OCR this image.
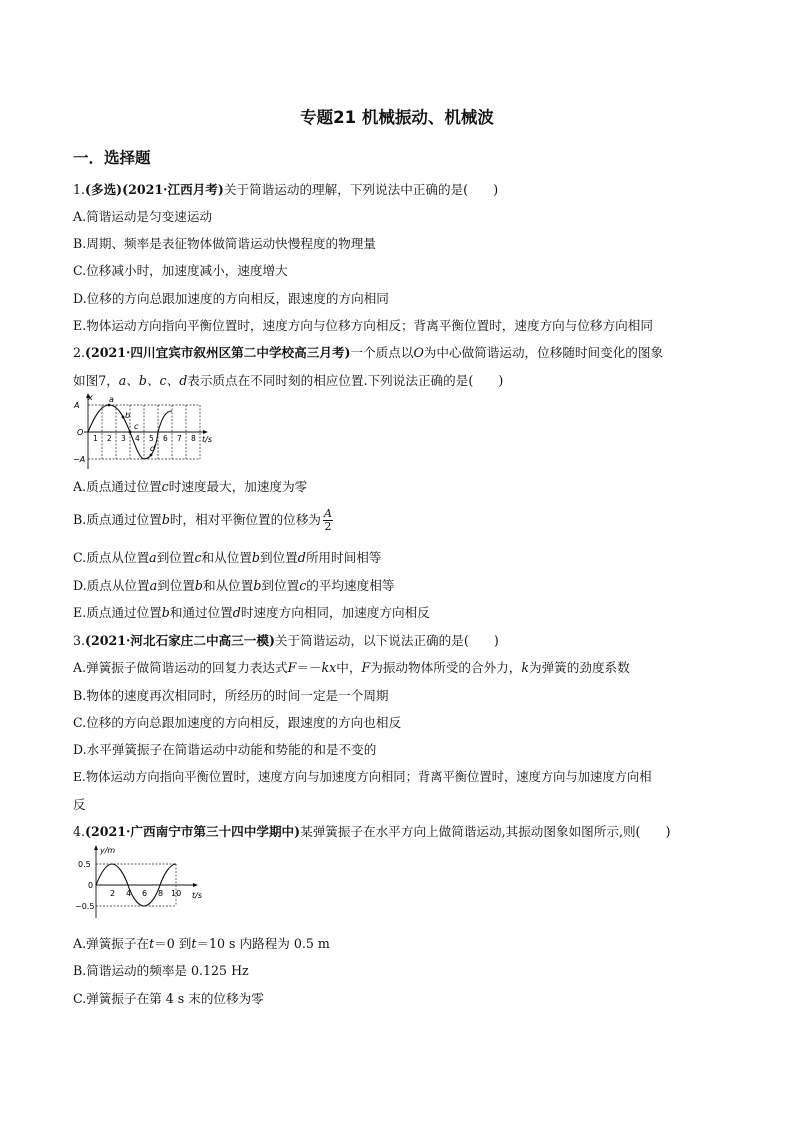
专题21 机械振动、机械波
一．选择题
1.(多选)(2021·江西月考)关于简谐运动的理解，下列说法中正确的是(　　)
A.简谐运动是匀变速运动
B.周期、频率是表征物体做简谐运动快慢程度的物理量
C.位移减小时，加速度减小，速度增大
D.位移的方向总跟加速度的方向相反，跟速度的方向相同
E.物体运动方向指向平衡位置时，速度方向与位移方向相反；背离平衡位置时，速度方向与位移方向相同
2.(2021·四川宜宾市叙州区第二中学校高三月考)一个质点以O为中心做简谐运动，位移随时间变化的图象
如图7，a、b、c、d表示质点在不同时刻的相应位置.下列说法正确的是(　　)
x
A
−A
O
t/s
1 2 3 4 5 6 7 8
a
b
c
d
A.质点通过位置c时速度最大，加速度为零
B.质点通过位置b时，相对平衡位置的位移为 $\frac{A}{2}$
C.质点从位置a到位置c和从位置b到位置d所用时间相等
D.质点从位置a到位置b和从位置b到位置c的平均速度相等
E.质点通过位置b和通过位置d时速度方向相同，加速度方向相反
3.(2021·河北石家庄二中高三一模)关于简谐运动，以下说法正确的是(　　)
A.弹簧振子做简谐运动的回复力表达式F＝－kx中，F为振动物体所受的合外力，k为弹簧的劲度系数
B.物体的速度再次相同时，所经历的时间一定是一个周期
C.位移的方向总跟加速度的方向相反，跟速度的方向也相反
D.水平弹簧振子在简谐运动中动能和势能的和是不变的
E.物体运动方向指向平衡位置时，速度方向与加速度方向相同；背离平衡位置时，速度方向与加速度方向相
反
4.(2021·广西南宁市第三十四中学期中)某弹簧振子在水平方向上做简谐运动,其振动图象如图所示,则(　　)
y/m
0.5
0
−0.5
t/s
2 4 6 8 10
A.弹簧振子在t＝0 到t＝10 s 内路程为 0.5 m
B.简谐运动的频率是 0.125 Hz
C.弹簧振子在第 4 s 末的位移为零
